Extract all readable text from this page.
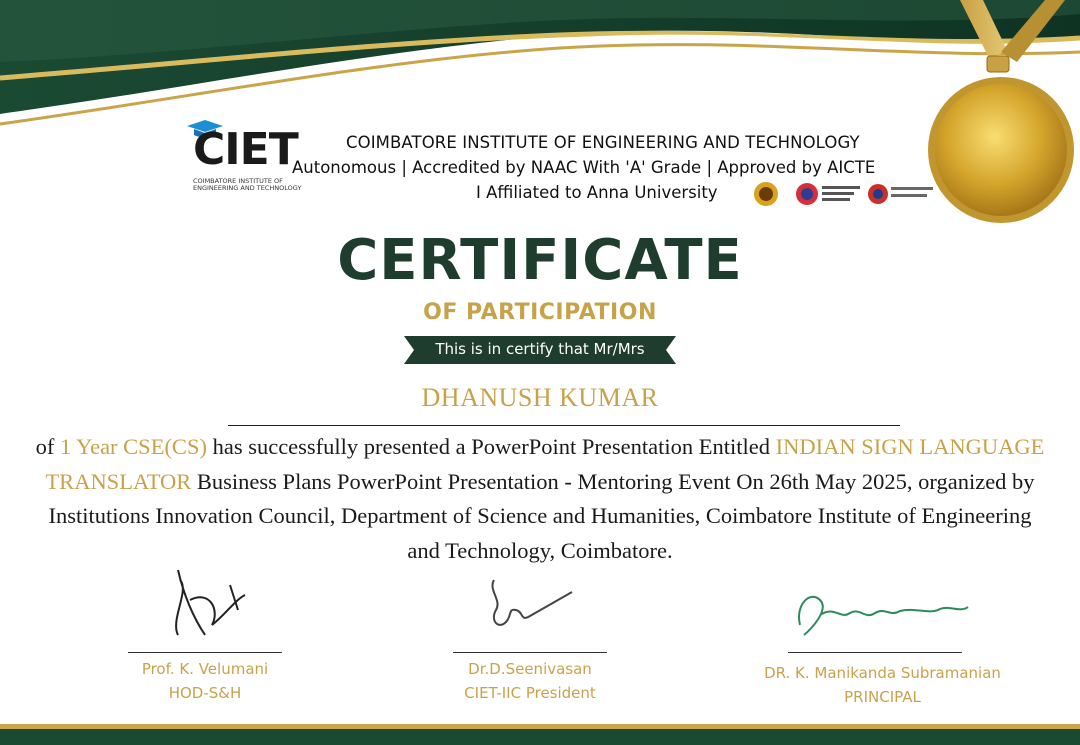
CIET
COIMBATORE INSTITUTE OF ENGINEERING AND TECHNOLOGY
COIMBATORE INSTITUTE OF ENGINEERING AND TECHNOLOGY
Autonomous | Accredited by NAAC With 'A' Grade | Approved by AICTE
I Affiliated to Anna University
CERTIFICATE
OF PARTICIPATION
This is in certify that Mr/Mrs
DHANUSH KUMAR
of 1 Year CSE(CS) has successfully presented a PowerPoint Presentation Entitled INDIAN SIGN LANGUAGE TRANSLATOR Business Plans PowerPoint Presentation - Mentoring Event On 26th May 2025, organized by Institutions Innovation Council, Department of Science and Humanities, Coimbatore Institute of Engineering and Technology, Coimbatore.
Prof. K. Velumani
HOD-S&H
Dr.D.Seenivasan
CIET-IIC President
DR. K. Manikanda Subramanian
PRINCIPAL
